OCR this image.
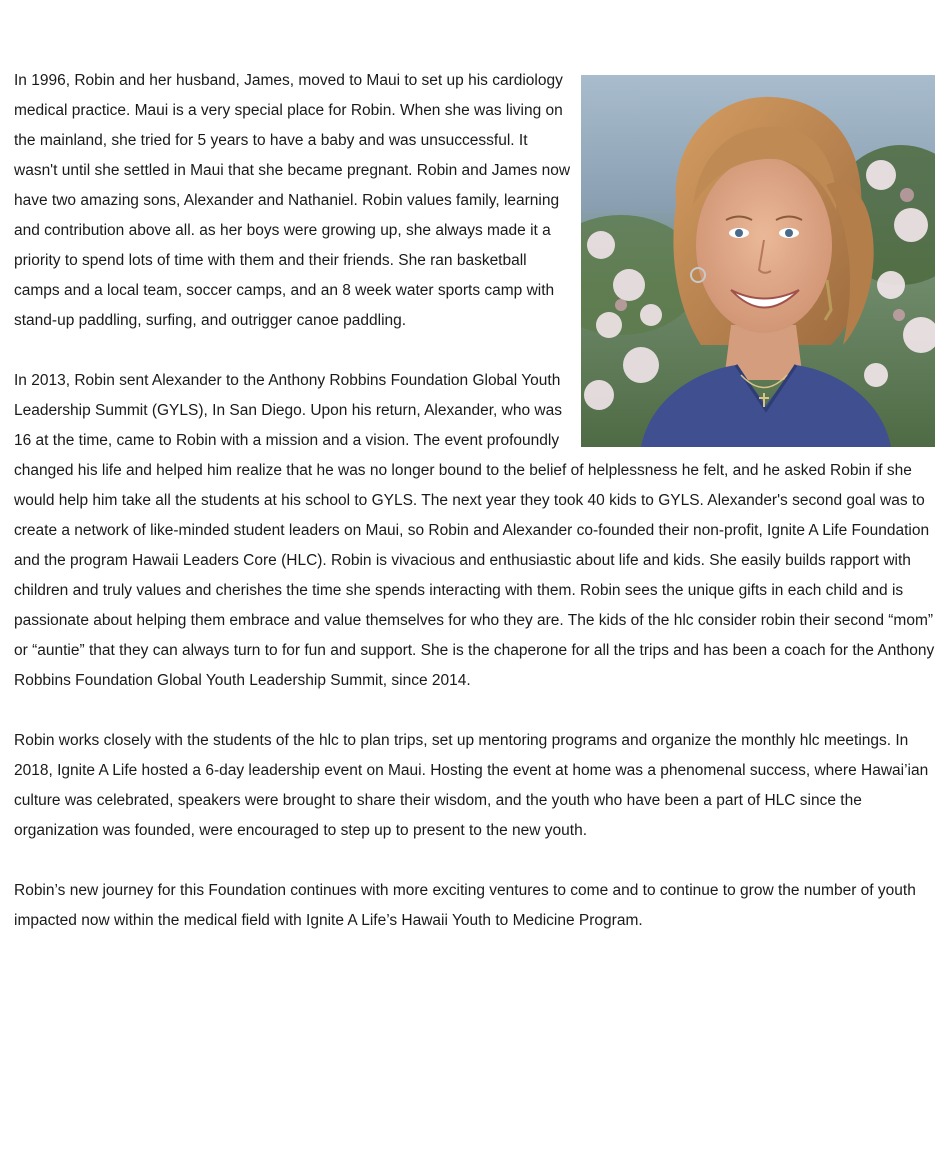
In 1996, Robin and her husband, James, moved to Maui to set up his cardiology medical practice. Maui is a very special place for Robin. When she was living on the mainland, she tried for 5 years to have a baby and was unsuccessful. It wasn't until she settled in Maui that she became pregnant. Robin and James now have two amazing sons, Alexander and Nathaniel. Robin values family, learning and contribution above all. as her boys were growing up, she always made it a priority to spend lots of time with them and their friends. She ran basketball camps and a local team, soccer camps, and an 8 week water sports camp with stand-up paddling, surfing, and outrigger canoe paddling.

In 2013, Robin sent Alexander to the Anthony Robbins Foundation Global Youth Leadership Summit (GYLS), In San Diego. Upon his return, Alexander, who was 16 at the time, came to Robin with a mission and a vision. The event profoundly changed his life and helped him realize that he was no longer bound to the belief of helplessness he felt, and he asked Robin if she would help him take all the students at his school to GYLS. The next year they took 40 kids to GYLS. Alexander's second goal was to create a network of like-minded student leaders on Maui, so Robin and Alexander co-founded their non-profit, Ignite A Life Foundation and the program Hawaii Leaders Core (HLC). Robin is vivacious and enthusiastic about life and kids. She easily builds rapport with children and truly values and cherishes the time she spends interacting with them. Robin sees the unique gifts in each child and is passionate about helping them embrace and value themselves for who they are. The kids of the hlc consider robin their second “mom” or “auntie” that they can always turn to for fun and support. She is the chaperone for all the trips and has been a coach for the Anthony Robbins Foundation Global Youth Leadership Summit, since 2014.

Robin works closely with the students of the hlc to plan trips, set up mentoring programs and organize the monthly hlc meetings. In 2018, Ignite A Life hosted a 6-day leadership event on Maui. Hosting the event at home was a phenomenal success, where Hawai’ian culture was celebrated, speakers were brought to share their wisdom, and the youth who have been a part of HLC since the organization was founded, were encouraged to step up to present to the new youth.

Robin’s new journey for this Foundation continues with more exciting ventures to come and to continue to grow the number of youth impacted now within the medical field with Ignite A Life’s Hawaii Youth to Medicine Program.
